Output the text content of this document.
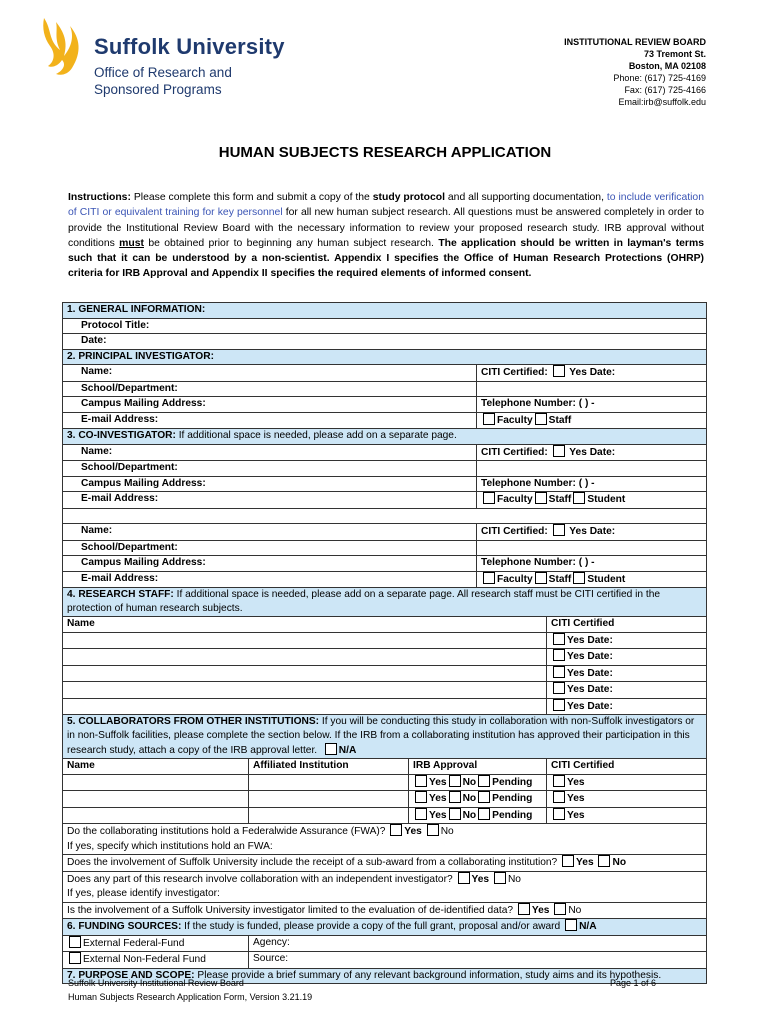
Suffolk University
Office of Research and
Sponsored Programs
INSTITUTIONAL REVIEW BOARD
73 Tremont St.
Boston, MA 02108
Phone: (617) 725-4169
Fax: (617) 725-4166
Email:irb@suffolk.edu
HUMAN SUBJECTS RESEARCH APPLICATION
Instructions: Please complete this form and submit a copy of the study protocol and all supporting documentation, to include verification of CITI or equivalent training for key personnel for all new human subject research. All questions must be answered completely in order to provide the Institutional Review Board with the necessary information to review your proposed research study. IRB approval without conditions must be obtained prior to beginning any human subject research. The application should be written in layman's terms such that it can be understood by a non-scientist. Appendix I specifies the Office of Human Research Protections (OHRP) criteria for IRB Approval and Appendix II specifies the required elements of informed consent.
1. GENERAL INFORMATION:				
Protocol Title:				
Date:				
2. PRINCIPAL INVESTIGATOR:				
Name:			CITI Certified: Yes Date:	
School/Department:				
Campus Mailing Address:			Telephone Number: ( ) -	
E-mail Address:			Faculty Staff	
3. CO-INVESTIGATOR: If additional space is needed, please add on a separate page.				
Name:			CITI Certified: Yes Date:	
School/Department:				
Campus Mailing Address:			Telephone Number: ( ) -	
E-mail Address:			Faculty Staff Student	

Name:			CITI Certified: Yes Date:	
School/Department:				
Campus Mailing Address:			Telephone Number: ( ) -	
E-mail Address:			Faculty Staff Student	
4. RESEARCH STAFF: If additional space is needed, please add on a separate page. All research staff must be CITI certified in the protection of human research subjects.				
Name				CITI Certified
				Yes Date:
				Yes Date:
				Yes Date:
				Yes Date:
				Yes Date:
5. COLLABORATORS FROM OTHER INSTITUTIONS: If you will be conducting this study in collaboration with non-Suffolk investigators or in non-Suffolk facilities, please complete the section below. If the IRB from a collaborating institution has approved their participation in this research study, attach a copy of the IRB approval letter. N/A				
Name	Affiliated Institution	IRB Approval		CITI Certified
		Yes No Pending		Yes
		Yes No Pending		Yes
		Yes No Pending		Yes
Do the collaborating institutions hold a Federalwide Assurance (FWA)? Yes No				
If yes, specify which institutions hold an FWA:				
Does the involvement of Suffolk University include the receipt of a sub-award from a collaborating institution? Yes No				
Does any part of this research involve collaboration with an independent investigator? Yes No				
If yes, please identify investigator:				
Is the involvement of a Suffolk University investigator limited to the evaluation of de-identified data? Yes No				
6. FUNDING SOURCES: If the study is funded, please provide a copy of the full grant, proposal and/or award N/A				
External Federal-Fund	Agency:			
External Non-Federal Fund	Source:			
7. PURPOSE AND SCOPE: Please provide a brief summary of any relevant background information, study aims and its hypothesis.				
Suffolk University Institutional Review Board
Human Subjects Research Application Form, Version 3.21.19
Page 1 of 6
